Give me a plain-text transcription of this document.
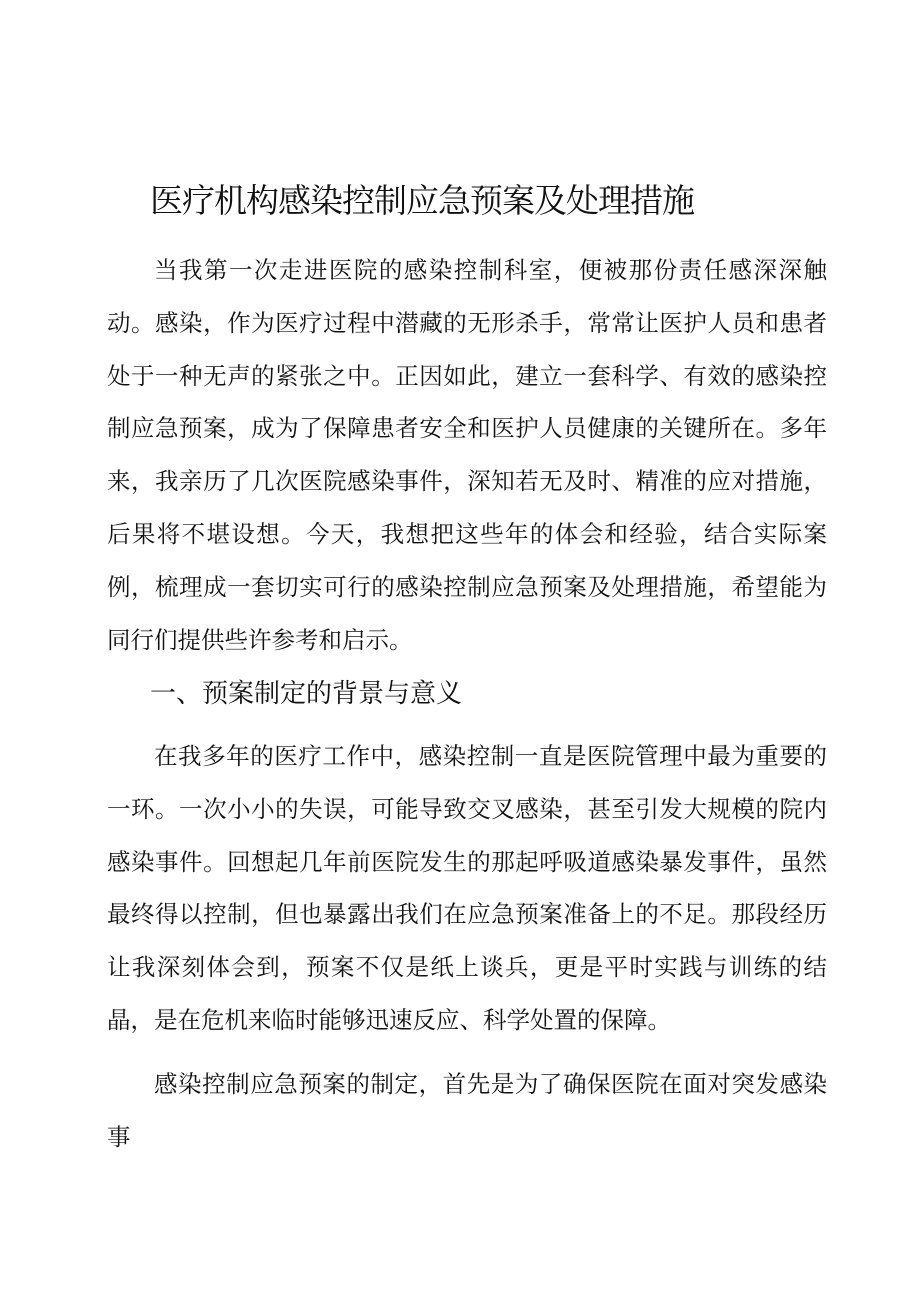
医疗机构感染控制应急预案及处理措施

当我第一次走进医院的感染控制科室，便被那份责任感深深触动。感染，作为医疗过程中潜藏的无形杀手，常常让医护人员和患者处于一种无声的紧张之中。正因如此，建立一套科学、有效的感染控制应急预案，成为了保障患者安全和医护人员健康的关键所在。多年来，我亲历了几次医院感染事件，深知若无及时、精准的应对措施，后果将不堪设想。今天，我想把这些年的体会和经验，结合实际案例，梳理成一套切实可行的感染控制应急预案及处理措施，希望能为同行们提供些许参考和启示。

一、预案制定的背景与意义

在我多年的医疗工作中，感染控制一直是医院管理中最为重要的一环。一次小小的失误，可能导致交叉感染，甚至引发大规模的院内感染事件。回想起几年前医院发生的那起呼吸道感染暴发事件，虽然最终得以控制，但也暴露出我们在应急预案准备上的不足。那段经历让我深刻体会到，预案不仅是纸上谈兵，更是平时实践与训练的结晶，是在危机来临时能够迅速反应、科学处置的保障。

感染控制应急预案的制定，首先是为了确保医院在面对突发感染事
